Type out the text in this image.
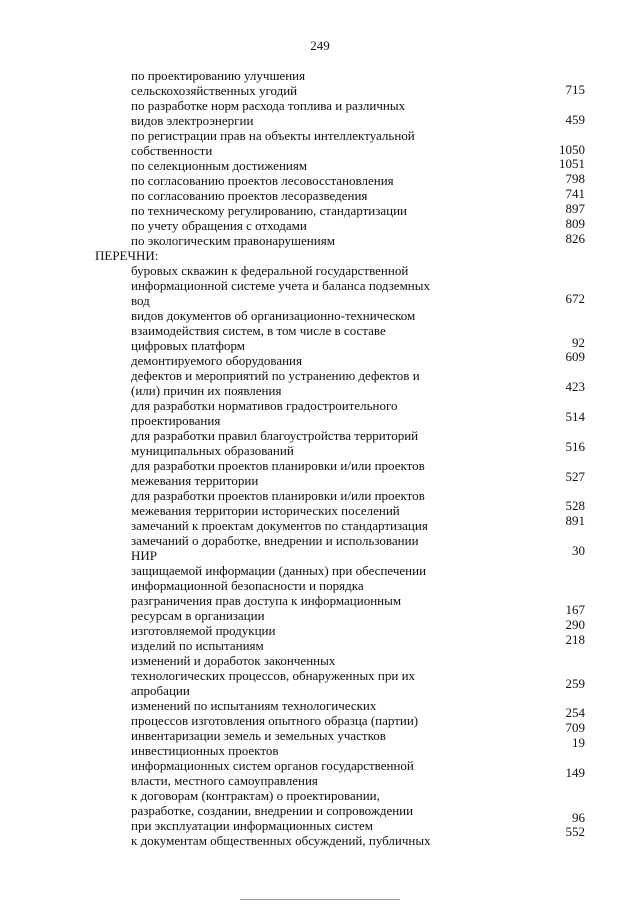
249
по проектированию улучшения
сельскохозяйственных угодий
по разработке норм расхода топлива и различных
видов электроэнергии
по регистрации прав на объекты интеллектуальной
собственности
по селекционным достижениям
по согласованию проектов лесовосстановления
по согласованию проектов лесоразведения
по техническому регулированию, стандартизации
по учету обращения с отходами
по экологическим правонарушениям
ПЕРЕЧНИ:
буровых скважин к федеральной государственной
информационной системе учета и баланса подземных
вод
видов документов об организационно-техническом
взаимодействия систем, в том числе в составе
цифровых платформ
демонтируемого оборудования
дефектов и мероприятий по устранению дефектов и
(или) причин их появления
для разработки нормативов градостроительного
проектирования
для разработки правил благоустройства территорий
муниципальных образований
для разработки проектов планировки и/или проектов
межевания территории
для разработки проектов планировки и/или проектов
межевания территории исторических поселений
замечаний к проектам документов по стандартизация
замечаний о доработке, внедрении и использовании
НИР
защищаемой информации (данных) при обеспечении
информационной безопасности и порядка
разграничения прав доступа к информационным
ресурсам в организации
изготовляемой продукции
изделий по испытаниям
изменений и доработок законченных
технологических процессов, обнаруженных при их
апробации
изменений по испытаниям технологических
процессов изготовления опытного образца (партии)
инвентаризации земель и земельных участков
инвестиционных проектов
информационных систем органов государственной
власти, местного самоуправления
к договорам (контрактам) о проектировании,
разработке, создании, внедрении и сопровождении
при эксплуатации информационных систем
к документам общественных обсуждений, публичных
715
459
1050
1051
798
741
897
809
826
672
92
609
423
514
516
527
528
891
30
167
290
218
259
254
709
19
149
96
552
